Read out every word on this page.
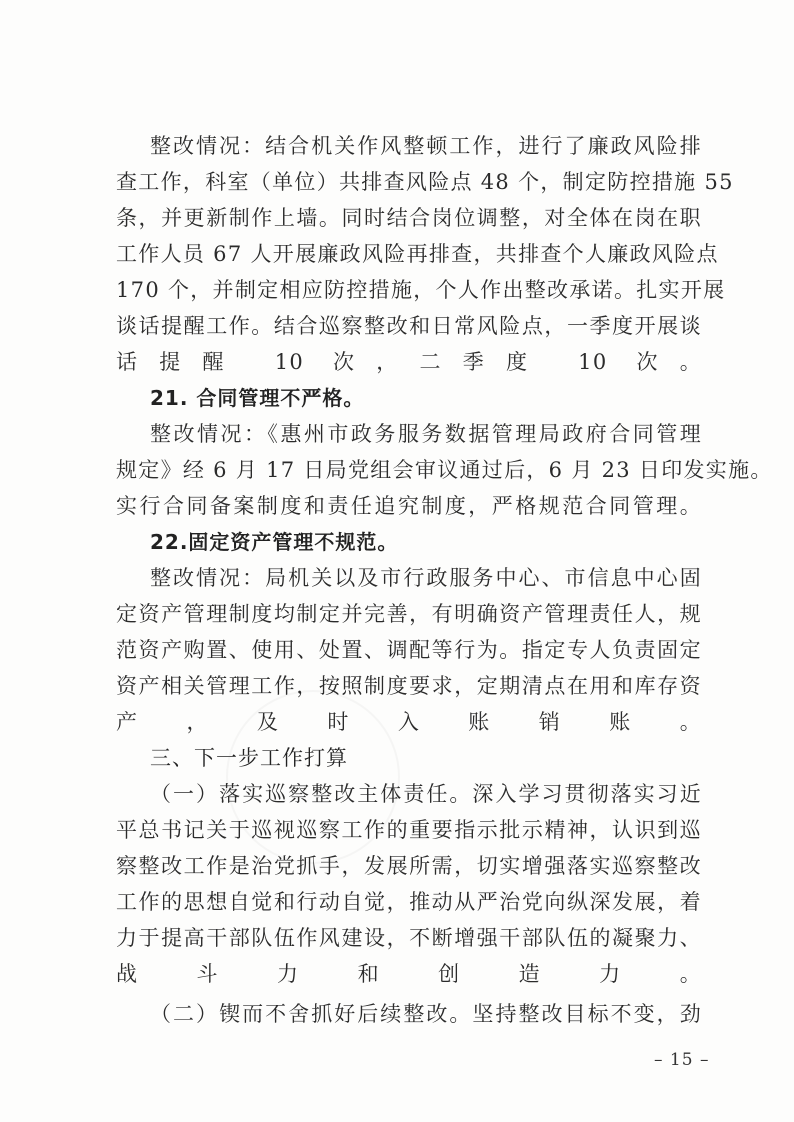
整改情况：结合机关作风整顿工作，进行了廉政风险排
查工作，科室（单位）共排查风险点 48 个，制定防控措施 55
条，并更新制作上墙。同时结合岗位调整，对全体在岗在职
工作人员 67 人开展廉政风险再排查，共排查个人廉政风险点
170 个，并制定相应防控措施，个人作出整改承诺。扎实开展
谈话提醒工作。结合巡察整改和日常风险点，一季度开展谈
话提醒 10 次，二季度 10 次。
21. 合同管理不严格。
整改情况：《惠州市政务服务数据管理局政府合同管理
规定》经 6 月 17 日局党组会审议通过后，6 月 23 日印发实施。
实行合同备案制度和责任追究制度，严格规范合同管理。
22.固定资产管理不规范。
整改情况：局机关以及市行政服务中心、市信息中心固
定资产管理制度均制定并完善，有明确资产管理责任人，规
范资产购置、使用、处置、调配等行为。指定专人负责固定
资产相关管理工作，按照制度要求，定期清点在用和库存资
产，及时入账销账。
三、下一步工作打算
（一）落实巡察整改主体责任。深入学习贯彻落实习近
平总书记关于巡视巡察工作的重要指示批示精神，认识到巡
察整改工作是治党抓手，发展所需，切实增强落实巡察整改
工作的思想自觉和行动自觉，推动从严治党向纵深发展，着
力于提高干部队伍作风建设，不断增强干部队伍的凝聚力、
战斗力和创造力。
（二）锲而不舍抓好后续整改。坚持整改目标不变，劲
– 15 –
